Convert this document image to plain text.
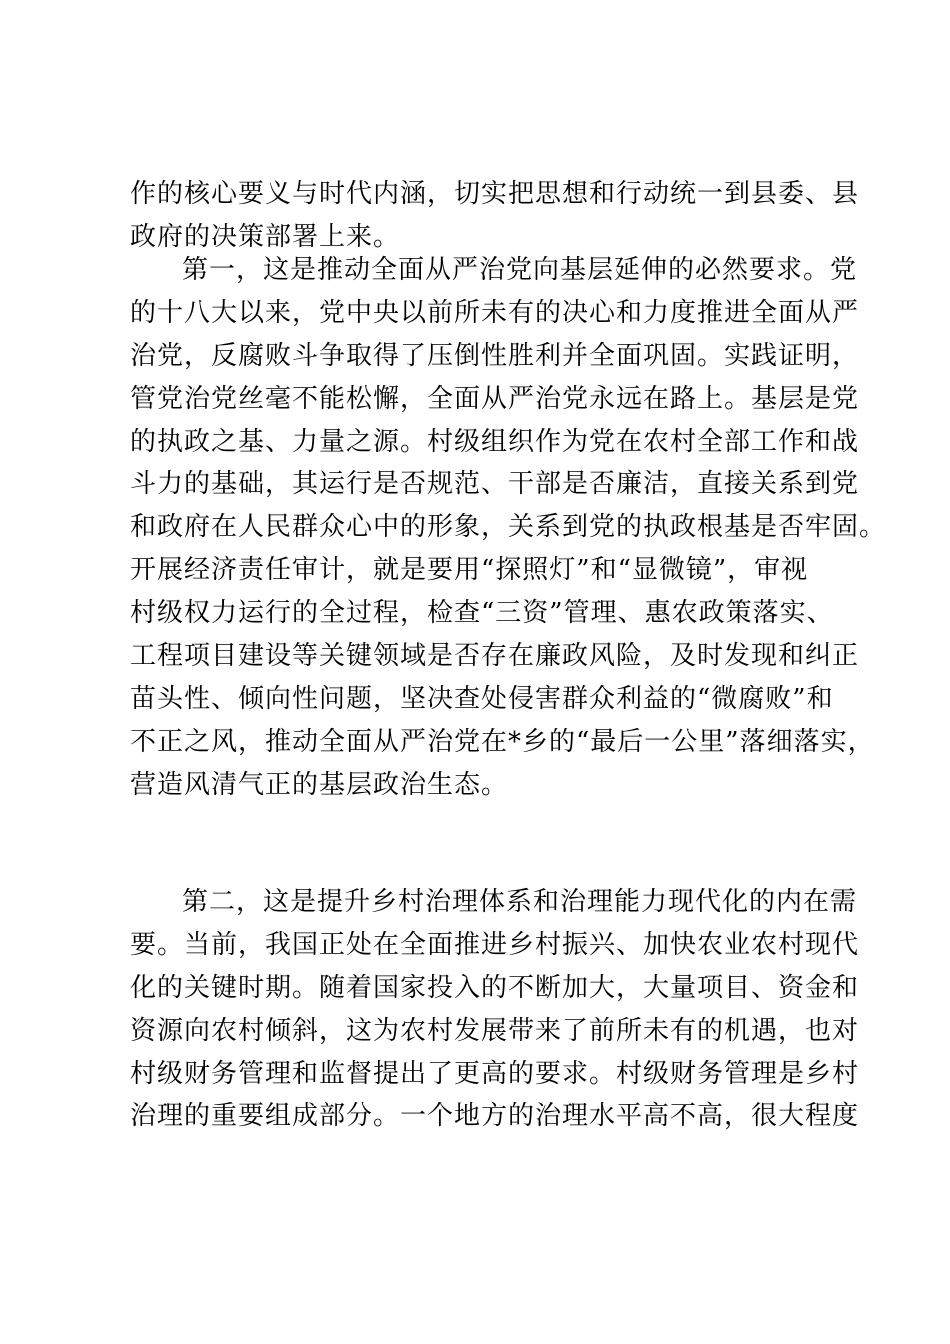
作的核心要义与时代内涵，切实把思想和行动统一到县委、县
政府的决策部署上来。
第一，这是推动全面从严治党向基层延伸的必然要求。党
的十八大以来，党中央以前所未有的决心和力度推进全面从严
治党，反腐败斗争取得了压倒性胜利并全面巩固。实践证明，
管党治党丝毫不能松懈，全面从严治党永远在路上。基层是党
的执政之基、力量之源。村级组织作为党在农村全部工作和战
斗力的基础，其运行是否规范、干部是否廉洁，直接关系到党
和政府在人民群众心中的形象，关系到党的执政根基是否牢固。
开展经济责任审计，就是要用“探照灯”和“显微镜”，审视
村级权力运行的全过程，检查“三资”管理、惠农政策落实、
工程项目建设等关键领域是否存在廉政风险，及时发现和纠正
苗头性、倾向性问题，坚决查处侵害群众利益的“微腐败”和
不正之风，推动全面从严治党在*乡的“最后一公里”落细落实，
营造风清气正的基层政治生态。
第二，这是提升乡村治理体系和治理能力现代化的内在需
要。当前，我国正处在全面推进乡村振兴、加快农业农村现代
化的关键时期。随着国家投入的不断加大，大量项目、资金和
资源向农村倾斜，这为农村发展带来了前所未有的机遇，也对
村级财务管理和监督提出了更高的要求。村级财务管理是乡村
治理的重要组成部分。一个地方的治理水平高不高，很大程度
